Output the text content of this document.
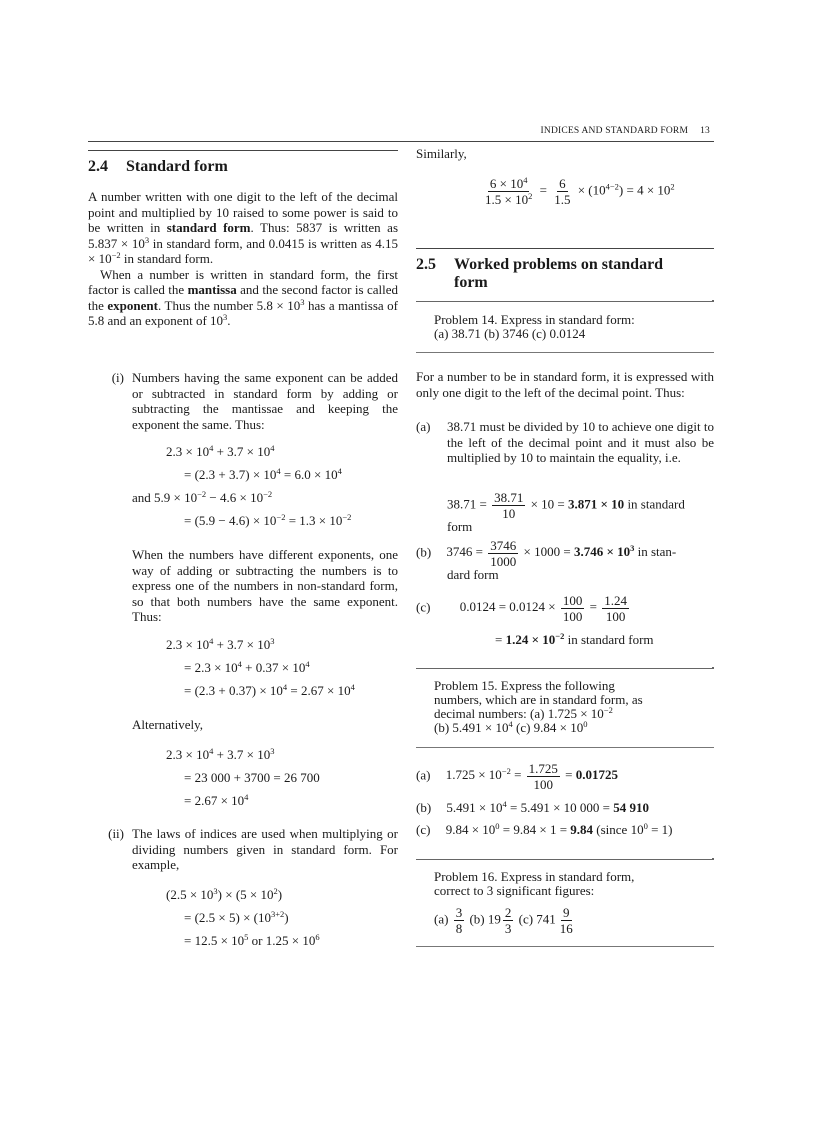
INDICES AND STANDARD FORM 13
2.4 Standard form

A number written with one digit to the left of the decimal point and multiplied by 10 raised to some power is said to be written in standard form. Thus: 5837 is written as $5.837 \times 10^3$ in standard form, and 0.0415 is written as $4.15 \times 10^{-2}$ in standard form.

When a number is written in standard form, the first factor is called the mantissa and the second factor is called the exponent. Thus the number $5.8 \times 10^3$ has a mantissa of 5.8 and an exponent of $10^3$.

(i) Numbers having the same exponent can be added or subtracted in standard form by adding or subtracting the mantissae and keeping the exponent the same. Thus:

$2.3 \times 10^4 + 3.7 \times 10^4$
= $(2.3 + 3.7) \times 10^4 = 6.0 \times 10^4$
and $5.9 \times 10^{-2} - 4.6 \times 10^{-2}$
= $(5.9 - 4.6) \times 10^{-2} = 1.3 \times 10^{-2}$

When the numbers have different exponents, one way of adding or subtracting the numbers is to express one of the numbers in non-standard form, so that both numbers have the same exponent. Thus:

$2.3 \times 10^4 + 3.7 \times 10^3$
= $2.3 \times 10^4 + 0.37 \times 10^4$
= $(2.3 + 0.37) \times 10^4 = 2.67 \times 10^4$

Alternatively,

$2.3 \times 10^4 + 3.7 \times 10^3$
= 23 000 + 3700 = 26 700
= $2.67 \times 10^4$
(ii) The laws of indices are used when multiplying or dividing numbers given in standard form. For example,

$(2.5 \times 10^3) \times (5 \times 10^2)$
= $(2.5 \times 5) \times (10^{3+2})$
= $12.5 \times 10^5$ or $1.25 \times 10^6$

Similarly,

$\frac{6 \times 10^4}{1.5 \times 10^2} = \frac{6}{1.5} \times (10^{4-2}) = 4 \times 10^2$
2.5	Worked problems on standard form
Problem 14. Express in standard form:
(a) 38.71 (b) 3746 (c) 0.0124

For a number to be in standard form, it is expressed with only one digit to the left of the decimal point. Thus:

(a) 38.71 must be divided by 10 to achieve one digit to the left of the decimal point and it must also be multiplied by 10 to maintain the equality, i.e.

$38.71 = \frac{38.71}{10} \times 10 = 3.871 \times 10$ in standard
form
(b) $3746 = \frac{3746}{1000} \times 1000 = 3.746 \times 10^3$ in stan-
dard form
(c) $0.0124 = 0.0124 \times \frac{100}{100} = \frac{1.24}{100}$
= $1.24 \times 10^{-2}$ in standard form
Problem 15. Express the following
numbers, which are in standard form, as
decimal numbers: (a) $1.725 \times 10^{-2}$
(b) $5.491 \times 10^4$ (c) $9.84 \times 10^0$
(a) $1.725 \times 10^{-2} = \frac{1.725}{100} = 0.01725$
(b) $5.491 \times 10^4 = 5.491 \times 10$ 000 = 54 910
(c) $9.84 \times 10^0 = 9.84 \times 1 = 9.84$ (since $10^0 = 1$)
Problem 16. Express in standard form,
correct to 3 significant figures:
$(a) \frac{3}{8} (b)$ $19 \frac{2}{3} (c)$ $741 \frac{9}{16}$
